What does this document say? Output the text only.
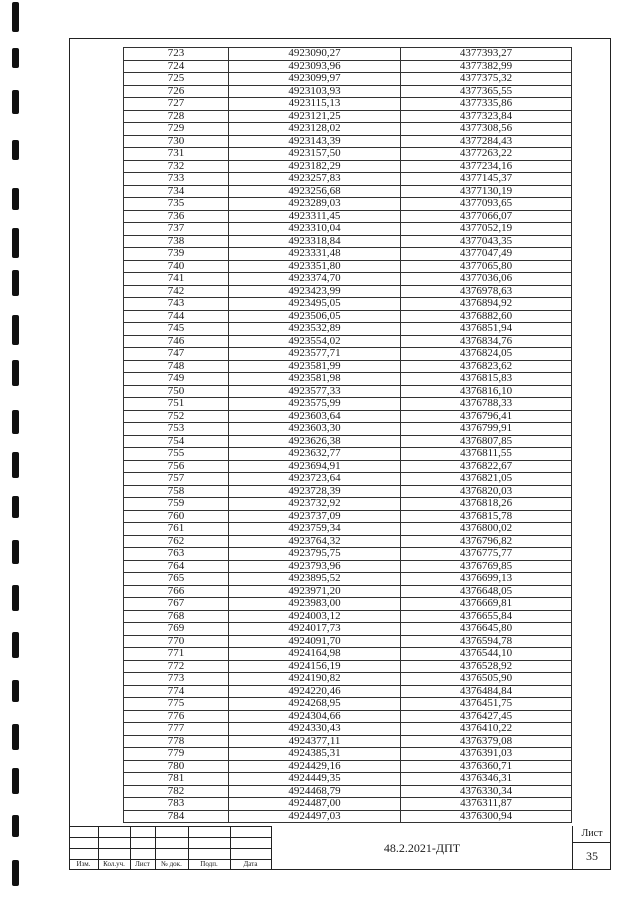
723	4923090,27	4377393,27
724	4923093,96	4377382,99
725	4923099,97	4377375,32
726	4923103,93	4377365,55
727	4923115,13	4377335,86
728	4923121,25	4377323,84
729	4923128,02	4377308,56
730	4923143,39	4377284,43
731	4923157,50	4377263,22
732	4923182,29	4377234,16
733	4923257,83	4377145,37
734	4923256,68	4377130,19
735	4923289,03	4377093,65
736	4923311,45	4377066,07
737	4923310,04	4377052,19
738	4923318,84	4377043,35
739	4923331,48	4377047,49
740	4923351,80	4377065,80
741	4923374,70	4377036,06
742	4923423,99	4376978,63
743	4923495,05	4376894,92
744	4923506,05	4376882,60
745	4923532,89	4376851,94
746	4923554,02	4376834,76
747	4923577,71	4376824,05
748	4923581,99	4376823,62
749	4923581,98	4376815,83
750	4923577,33	4376816,10
751	4923575,99	4376788,33
752	4923603,64	4376796,41
753	4923603,30	4376799,91
754	4923626,38	4376807,85
755	4923632,77	4376811,55
756	4923694,91	4376822,67
757	4923723,64	4376821,05
758	4923728,39	4376820,03
759	4923732,92	4376818,26
760	4923737,09	4376815,78
761	4923759,34	4376800,02
762	4923764,32	4376796,82
763	4923795,75	4376775,77
764	4923793,96	4376769,85
765	4923895,52	4376699,13
766	4923971,20	4376648,05
767	4923983,00	4376669,81
768	4924003,12	4376655,84
769	4924017,73	4376645,80
770	4924091,70	4376594,78
771	4924164,98	4376544,10
772	4924156,19	4376528,92
773	4924190,82	4376505,90
774	4924220,46	4376484,84
775	4924268,95	4376451,75
776	4924304,66	4376427,45
777	4924330,43	4376410,22
778	4924377,11	4376379,08
779	4924385,31	4376391,03
780	4924429,16	4376360,71
781	4924449,35	4376346,31
782	4924468,79	4376330,34
783	4924487,00	4376311,87
784	4924497,03	4376300,94
Изм.	Кол.уч.	Лист	№ док.	Подп.	Дата
48.2.2021-ДПТ
Лист
35
